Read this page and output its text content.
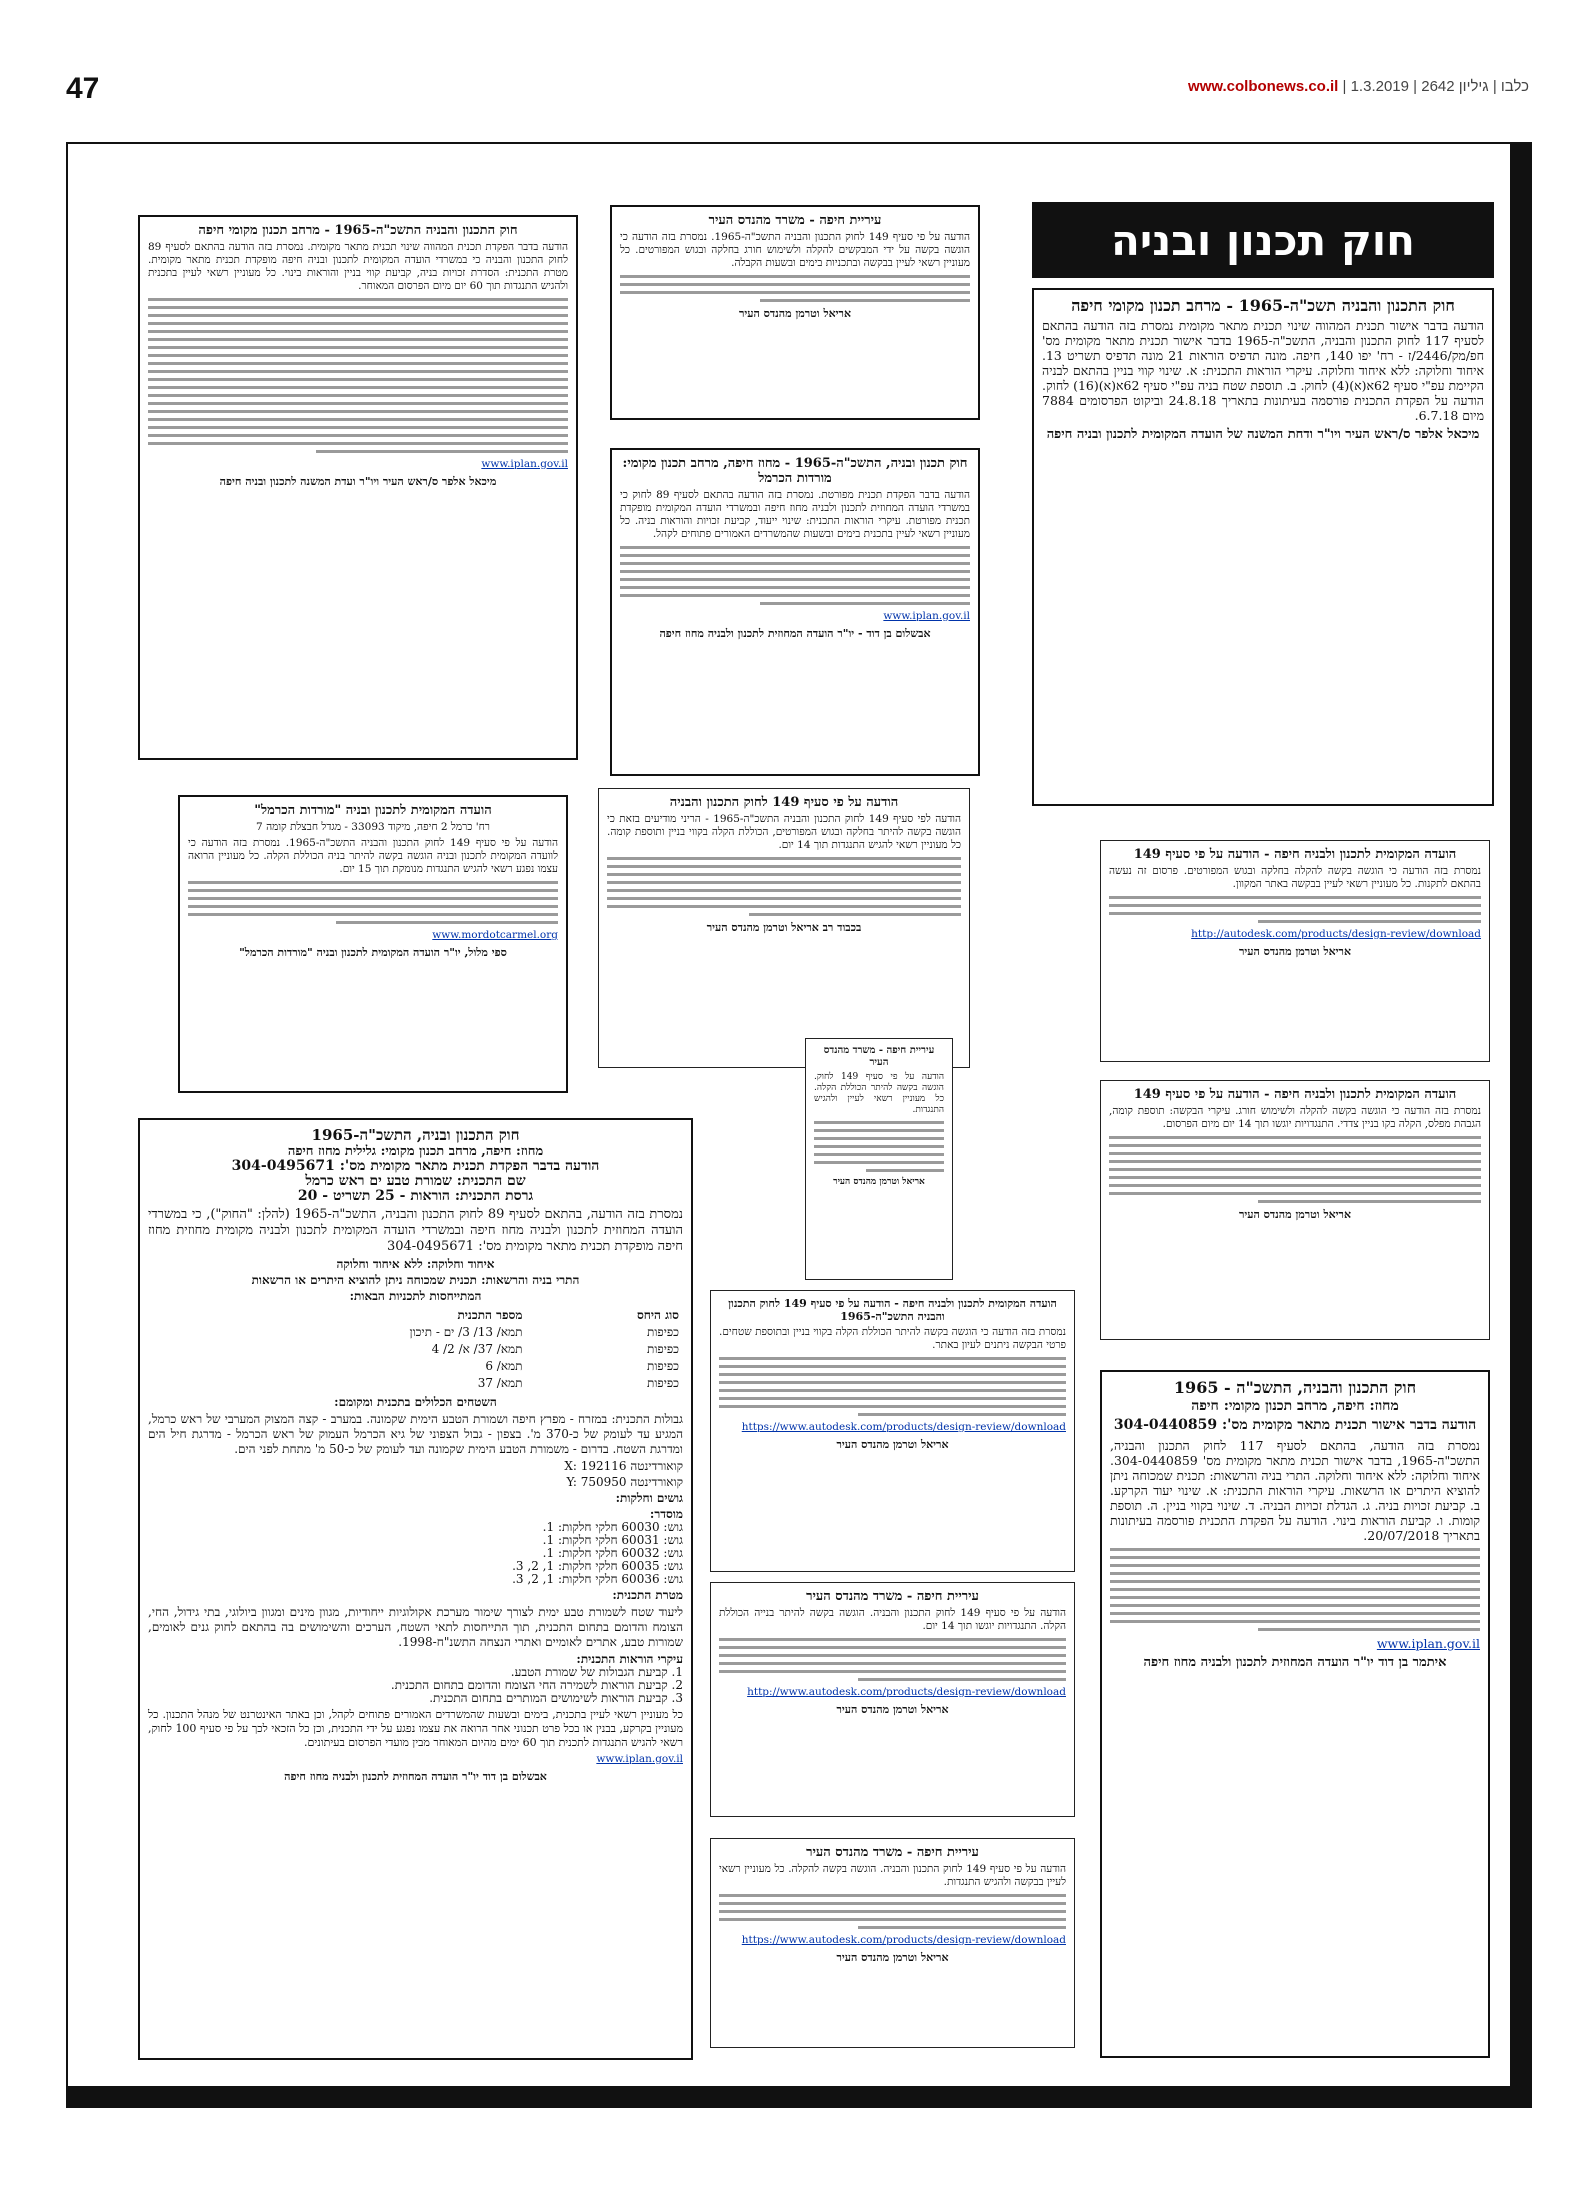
47	www.colbonews.co.il |	כלבו | גיליון 2642 | 1.3.2019
חוק תכנון ובניה
חוק התכנון והבניה תשכ"ה-1965 - מרחב תכנון מקומי חיפה
הודעה בדבר אישור תכנית המהווה שינוי תכנית מתאר מקומית נמסרת בזה הודעה בהתאם לסעיף 117 לחוק התכנון והבניה, התשכ"ה-1965 בדבר אישור תכנית מתאר מקומית מס' חפ/מק/2446/ז - רח' יפו 140, חיפה. מונה תדפיס הוראות 21 מונה תדפיס תשריט 13. איחוד וחלוקה: ללא איחוד וחלוקה. עיקרי הוראות התכנית: א. שינוי קווי בניין בהתאם לבניה הקיימת עפ"י סעיף 62א(א)(4) לחוק. ב. תוספת שטח בניה עפ"י סעיף 62א(א)(16) לחוק. הודעה על הפקדת התכנית פורסמה בעיתונות בתאריך 24.8.18 וביקוט הפרסומים 7884 מיום 6.7.18.
מיכאל אלפר ס/ראש העיר ויו"ר ודחת המשנה של הועדה המקומית לתכנון ובניה חיפה
עיריית חיפה - משרד מהנדס העיר
הודעה על פי סעיף 149 לחוק התכנון והבניה התשכ"ה-1965. נמסרת בזה הודעה כי הוגשה בקשה על ידי המבקשים להקלה ולשימוש חורג בחלקה ובגוש המפורטים. כל מעוניין רשאי לעיין בבקשה ובתכניות בימים ובשעות הקבלה.
אריאל וטרמן מהנדס העיר
חוק התכנון והבניה התשכ"ה-1965 - מרחב תכנון מקומי חיפה
הודעה בדבר הפקדת תכנית המהווה שינוי תכנית מתאר מקומית. נמסרת בזה הודעה בהתאם לסעיף 89 לחוק התכנון והבניה כי במשרדי הועדה המקומית לתכנון ובניה חיפה מופקדת תכנית מתאר מקומית. מטרת התכנית: הסדרת זכויות בניה, קביעת קווי בניין והוראות בינוי. כל מעוניין רשאי לעיין בתכנית ולהגיש התנגדות תוך 60 יום מיום הפרסום המאוחר.
www.iplan.gov.il
מיכאל אלפר ס/ראש העיר ויו"ר ועדת המשנה לתכנון ובניה חיפה
חוק תכנון ובניה, התשכ"ה-1965 - מחוז חיפה, מרחב תכנון מקומי: מורדות הכרמל
הודעה בדבר הפקדת תכנית מפורטת. נמסרת בזה הודעה בהתאם לסעיף 89 לחוק כי במשרדי הועדה המחוזית לתכנון ולבניה מחוז חיפה ובמשרדי הועדה המקומית מופקדת תכנית מפורטת. עיקרי הוראות התכנית: שינוי ייעוד, קביעת זכויות והוראות בניה. כל מעוניין רשאי לעיין בתכנית בימים ובשעות שהמשרדים האמורים פתוחים לקהל.
www.iplan.gov.il
אבשלום בן דוד - יו"ר הועדה המחוזית לתכנון ולבניה מחוז חיפה
הועדה המקומית לתכנון ובניה "מורדות הכרמל"
רח' כרמל 2 חיפה, מיקוד 33093 - מגדל חבצלת קומה 7
הודעה על פי סעיף 149 לחוק התכנון והבניה התשכ"ה-1965. נמסרת בזה הודעה כי לוועדה המקומית לתכנון ובניה הוגשה בקשה להיתר בניה הכוללת הקלה. כל מעוניין הרואה עצמו נפגע רשאי להגיש התנגדות מנומקת תוך 15 יום.
www.mordotcarmel.org
ספי מלול, יו"ר הועדה המקומית לתכנון ובניה "מורדות הכרמל"
הודעה על פי סעיף 149 לחוק התכנון והבניה
הודעה לפי סעיף 149 לחוק התכנון והבניה התשכ"ה-1965 - הריני מודיעים בזאת כי הוגשה בקשה להיתר בחלקה ובגוש המפורטים, הכוללת הקלה בקווי בניין ותוספת קומה. כל מעוניין רשאי להגיש התנגדות תוך 14 יום.
בכבוד רב אריאל וטרמן מהנדס העיר
הועדה המקומית לתכנון ולבניה חיפה - הודעה על פי סעיף 149
נמסרת בזה הודעה כי הוגשה בקשה להקלה בחלקה ובגוש המפורטים. פרסום זה נעשה בהתאם לתקנות. כל מעוניין רשאי לעיין בבקשה באתר המקוון.
http://autodesk.com/products/design-review/download
אריאל וטרמן מהנדס העיר
עיריית חיפה - משרד מהנדס העיר
הודעה על פי סעיף 149 לחוק. הוגשה בקשה להיתר הכוללת הקלה. כל מעוניין רשאי לעיין ולהגיש התנגדות.
אריאל וטרמן מהנדס העיר
הועדה המקומית לתכנון ולבניה חיפה - הודעה על פי סעיף 149
נמסרת בזה הודעה כי הוגשה בקשה להקלה ולשימוש חורג. עיקרי הבקשה: תוספת קומה, הגבהת מפלס, הקלה בקו בניין צדדי. התנגדויות יוגשו תוך 14 יום מיום הפרסום.
אריאל וטרמן מהנדס העיר
חוק התכנון ובניה, התשכ"ה-1965
מחוז: חיפה, מרחב תכנון מקומי: גלילית מחוז חיפה
הודעה בדבר הפקדת תכנית מתאר מקומית מס': 304-0495671
שם התכנית: שמורת טבע ים ראש כרמל
גרסת התכנית: הוראות - 25 תשריט - 20
נמסרת בזה הודעה, בהתאם לסעיף 89 לחוק התכנון והבניה, התשכ"ה-1965 (להלן: "החוק"), כי במשרדי הועדה המחוזית לתכנון ולבניה מחוז חיפה ובמשרדי הועדה המקומית לתכנון ולבניה מקומית מחוזית מחוז חיפה מופקדת תכנית מתאר מקומית מס': 304-0495671
איחוד וחלוקה: ללא איחוד וחלוקה
התרי בניה והרשאות: תכנית שמכוחה ניתן להוציא היתרים או הרשאות
המתייחסות לתכניות הבאות:
סוג היחס	מספר התכנית
כפיפות	תמא/ 13/ 3/ ים - תיכון
כפיפות	תמא/ 37/ א/ 2/ 4
כפיפות	תמא/ 6
כפיפות	תמא/ 37
השטחים הכלולים בתכנית ומקומם:
גבולות התכנית: במזרח - מפרץ חיפה ושמורת הטבע הימית שקמונה. במערב - קצה המצוק המערבי של ראש כרמל, המגיע עד לעומק של כ-370 מ'. בצפון - גבול הצפוני של גיא הכרמל העמוק של ראש הכרמל - מדרגת חיל הים ומדרגת השטח. בדרום - משמורת הטבע הימית שקמונה ועד לעומק של כ-50 מ' מתחת לפני הים.
קואורדינטה X: 192116
קואורדינטה Y: 750950
גושים וחלקות:
מוסדר:
גוש: 60030 חלקי חלקות: 1.
גוש: 60031 חלקי חלקות: 1.
גוש: 60032 חלקי חלקות: 1.
גוש: 60035 חלקי חלקות: 1, 2, 3.
גוש: 60036 חלקי חלקות: 1, 2, 3.
מטרת התכנית:
ליעוד שטח לשמורת טבע ימית לצורך שימור מערכת אקולוגיות ייחודיות, מגוון מינים ומגוון ביולוגי, בתי גידול, החי, הצומח והדומם בתחום התכנית, תוך התייחסות לתאי השטח, הערכים והשימושים בה בהתאם לחוק גנים לאומים, שמורות טבע, אתרים לאומיים ואתרי הנצחה התשנ"ח-1998.
עיקרי הוראות התכנית:
1. קביעת הגבולות של שמורת הטבע.
2. קביעת הוראות לשמירה החי הצומח והדומם בתחום התכנית.
3. קביעת הוראות לשימושים המותרים בתחום התכנית.
כל מעוניין רשאי לעיין בתכנית, בימים ובשעות שהמשרדים האמורים פתוחים לקהל, וכן באתר האינטרנט של מנהל התכנון. כל מעוניין בקרקע, בבנין או בכל פרט תכנוני אחר הרואה את עצמו נפגע על ידי התכנית, וכן כל הזכאי לכך על פי סעיף 100 לחוק, רשאי להגיש התנגדות לתכנית תוך 60 ימים מהיום המאוחר מבין מועדי הפרסום בעיתונים.
www.iplan.gov.il
אבשלום בן דוד יו"ר הועדה המחוזית לתכנון ולבניה מחוז חיפה
הועדה המקומית לתכנון ולבניה חיפה - הודעה על פי סעיף 149 לחוק התכנון והבניה התשכ"ה-1965
נמסרת בזה הודעה כי הוגשה בקשה להיתר הכוללת הקלה בקווי בניין ובתוספת שטחים. פרטי הבקשה ניתנים לעיון באתר.
https://www.autodesk.com/products/design-review/download
אריאל וטרמן מהנדס העיר
עיריית חיפה - משרד מהנדס העיר
הודעה על פי סעיף 149 לחוק התכנון והבניה. הוגשה בקשה להיתר בנייה הכוללת הקלה. התנגדויות יוגשו תוך 14 יום.
http://www.autodesk.com/products/design-review/download
אריאל וטרמן מהנדס העיר
עיריית חיפה - משרד מהנדס העיר
הודעה על פי סעיף 149 לחוק התכנון והבניה. הוגשה בקשה להקלה. כל מעוניין רשאי לעיין בבקשה ולהגיש התנגדות.
https://www.autodesk.com/products/design-review/download
אריאל וטרמן מהנדס העיר
חוק התכנון והבניה, התשכ"ה - 1965
מחוז: חיפה, מרחב תכנון מקומי: חיפה
הודעה בדבר אישור תכנית מתאר מקומית מס': 304-0440859
נמסרת בזה הודעה, בהתאם לסעיף 117 לחוק התכנון והבניה, התשכ"ה-1965, בדבר אישור תכנית מתאר מקומית מס' 304-0440859. איחוד וחלוקה: ללא איחוד וחלוקה. התרי בניה והרשאות: תכנית שמכוחה ניתן להוציא היתרים או הרשאות. עיקרי הוראות התכנית: א. שינוי יעוד הקרקע. ב. קביעת זכויות בניה. ג. הגדלת זכויות הבניה. ד. שינוי בקווי בניין. ה. תוספת קומות. ו. קביעת הוראות בינוי. הודעה על הפקדת התכנית פורסמה בעיתונות בתאריך 20/07/2018.
www.iplan.gov.il
איתמר בן דוד יו"ר הועדה המחוזית לתכנון ולבניה מחוז חיפה
